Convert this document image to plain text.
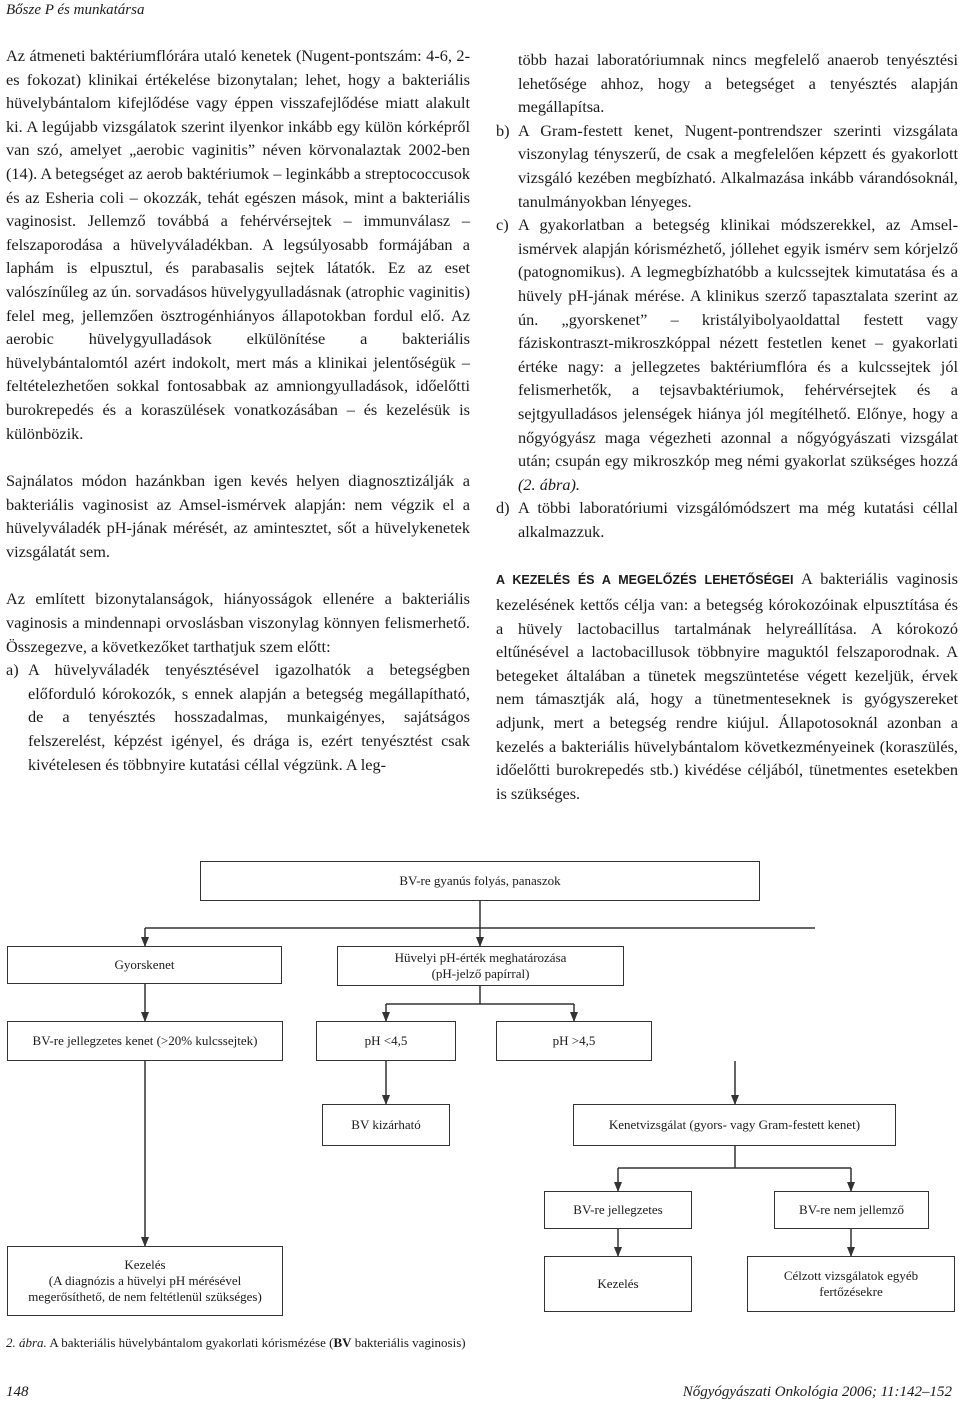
Bősze P és munkatársa

Az átmeneti baktériumflórára utaló kenetek (Nugent-pontszám: 4-6, 2-es fokozat) klinikai értékelése bizonytalan; lehet, hogy a bakteriális hüvelybántalom kifejlődése vagy éppen visszafejlődése miatt alakult ki. A legújabb vizsgálatok szerint ilyenkor inkább egy külön kórképről van szó, amelyet „aerobic vaginitis” néven körvonalaztak 2002-ben (14). A betegséget az aerob baktériumok – leginkább a streptococcusok és az Esheria coli – okozzák, tehát egészen mások, mint a bakteriális vaginosist. Jellemző továbbá a fehérvérsejtek – immunválasz – felszaporodása a hüvelyváladékban. A legsúlyosabb formájában a laphám is elpusztul, és parabasalis sejtek látatók. Ez az eset valószínűleg az ún. sorvadásos hüvelygyulladásnak (atrophic vaginitis) felel meg, jellemzően ösztrogénhiányos állapotokban fordul elő. Az aerobic hüvelygyulladások elkülönítése a bakteriális hüvelybántalomtól azért indokolt, mert más a klinikai jelentőségük – feltételezhetően sokkal fontosabbak az amniongyulladások, időelőtti burokrepedés és a koraszülések vonatkozásában – és kezelésük is különbözik.

Sajnálatos módon hazánkban igen kevés helyen diagnosztizálják a bakteriális vaginosist az Amsel-ismérvek alapján: nem végzik el a hüvelyváladék pH-jának mérését, az amintesztet, sőt a hüvelykenetek vizsgálatát sem.

Az említett bizonytalanságok, hiányosságok ellenére a bakteriális vaginosis a mindennapi orvoslásban viszonylag könnyen felismerhető. Összegezve, a következőket tarthatjuk szem előtt:

a) A hüvelyváladék tenyésztésével igazolhatók a betegségben előforduló kórokozók, s ennek alapján a betegség megállapítható, de a tenyésztés hosszadalmas, munkaigényes, sajátságos felszerelést, képzést igényel, és drága is, ezért tenyésztést csak kivételesen és többnyire kutatási céllal végzünk. A leg-

több hazai laboratóriumnak nincs megfelelő anaerob tenyésztési lehetősége ahhoz, hogy a betegséget a tenyésztés alapján megállapítsa.

b) A Gram-festett kenet, Nugent-pontrendszer szerinti vizsgálata viszonylag tényszerű, de csak a megfelelően képzett és gyakorlott vizsgáló kezében megbízható. Alkalmazása inkább várandósoknál, tanulmányokban lényeges.

c) A gyakorlatban a betegség klinikai módszerekkel, az Amsel-ismérvek alapján kórismézhető, jóllehet egyik ismérv sem kórjelző (patognomikus). A legmegbízhatóbb a kulcssejtek kimutatása és a hüvely pH-jának mérése. A klinikus szerző tapasztalata szerint az ún. „gyorskenet” – kristályibolyaoldattal festett vagy fáziskontraszt-mikroszkóppal nézett festetlen kenet – gyakorlati értéke nagy: a jellegzetes baktériumflóra és a kulcssejtek jól felismerhetők, a tejsavbaktériumok, fehérvérsejtek és a sejtgyulladásos jelenségek hiánya jól megítélhető. Előnye, hogy a nőgyógyász maga végezheti azonnal a nőgyógyászati vizsgálat után; csupán egy mikroszkóp meg némi gyakorlat szükséges hozzá (2. ábra).

d) A többi laboratóriumi vizsgálómódszert ma még kutatási céllal alkalmazzuk.

A KEZELÉS ÉS A MEGELŐZÉS LEHETŐSÉGEI A bakteriális vaginosis kezelésének kettős célja van: a betegség kórokozóinak elpusztítása és a hüvely lactobacillus tartalmának helyreállítása. A kórokozó eltűnésével a lactobacillusok többnyire maguktól felszaporodnak. A betegeket általában a tünetek megszüntetése végett kezeljük, érvek nem támasztják alá, hogy a tünetmenteseknek is gyógyszereket adjunk, mert a betegség rendre kiújul. Állapotosoknál azonban a kezelés a bakteriális hüvelybántalom következményeinek (koraszülés, időelőtti burokrepedés stb.) kivédése céljából, tünetmentes esetekben is szükséges.

BV-re gyanús folyás, panaszok
Gyorskenet	Hüvelyi pH-érték meghatározása
(pH-jelző papírral)
BV-re jellegzetes kenet (>20% kulcssejtek)	pH <4,5	pH >4,5
BV kizárható	Kenetvizsgálat (gyors- vagy Gram-festett kenet)
BV-re jellegzetes	BV-re nem jellemző
Kezelés
(A diagnózis a hüvelyi pH mérésével
megerősíthető, de nem feltétlenül szükséges)
Kezelés
Célzott vizsgálatok egyéb
fertőzésekre
2. ábra. A bakteriális hüvelybántalom gyakorlati kórismézése (BV bakteriális vaginosis)
148	Nőgyógyászati Onkológia 2006; 11:142–152
